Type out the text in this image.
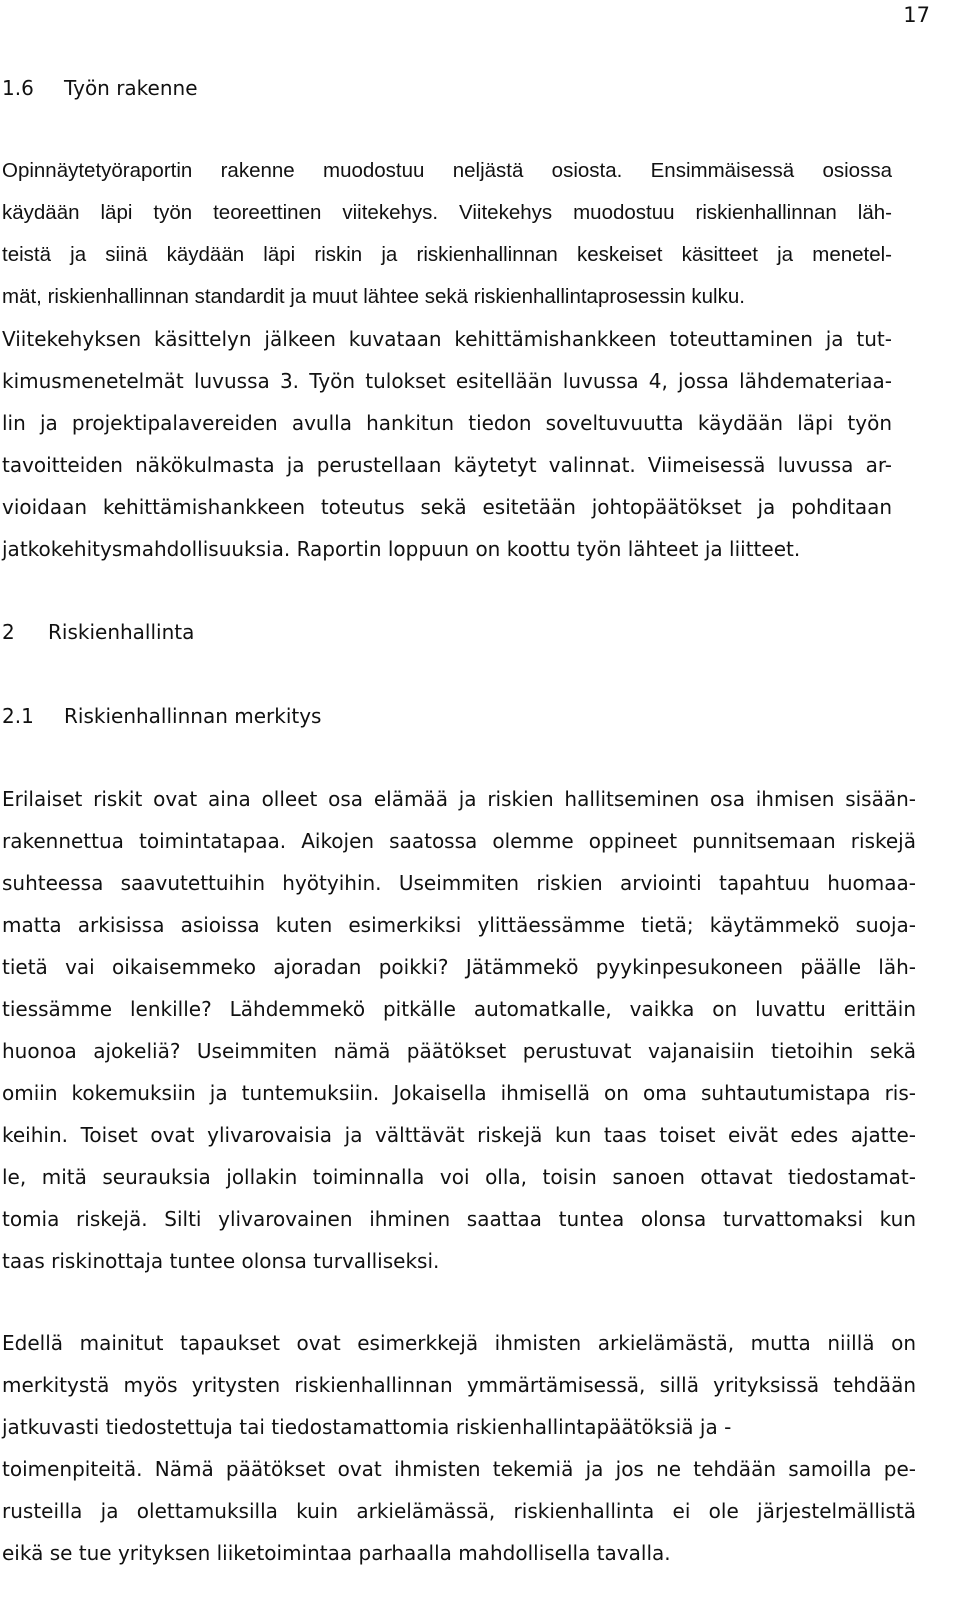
17
1.6 Työn rakenne
Opinnäytetyöraportin rakenne muodostuu neljästä osiosta. Ensimmäisessä osiossa
käydään läpi työn teoreettinen viitekehys. Viitekehys muodostuu riskienhallinnan läh-
teistä ja siinä käydään läpi riskin ja riskienhallinnan keskeiset käsitteet ja menetel-
mät, riskienhallinnan standardit ja muut lähtee sekä riskienhallintaprosessin kulku.
Viitekehyksen käsittelyn jälkeen kuvataan kehittämishankkeen toteuttaminen ja tut-
kimusmenetelmät luvussa 3. Työn tulokset esitellään luvussa 4, jossa lähdemateriaa-
lin ja projektipalavereiden avulla hankitun tiedon soveltuvuutta käydään läpi työn
tavoitteiden näkökulmasta ja perustellaan käytetyt valinnat. Viimeisessä luvussa ar-
vioidaan kehittämishankkeen toteutus sekä esitetään johtopäätökset ja pohditaan
jatkokehitysmahdollisuuksia. Raportin loppuun on koottu työn lähteet ja liitteet.
2 Riskienhallinta
2.1 Riskienhallinnan merkitys
Erilaiset riskit ovat aina olleet osa elämää ja riskien hallitseminen osa ihmisen sisään-
rakennettua toimintatapaa. Aikojen saatossa olemme oppineet punnitsemaan riskejä
suhteessa saavutettuihin hyötyihin. Useimmiten riskien arviointi tapahtuu huomaa-
matta arkisissa asioissa kuten esimerkiksi ylittäessämme tietä; käytämmekö suoja-
tietä vai oikaisemmeko ajoradan poikki? Jätämmekö pyykinpesukoneen päälle läh-
tiessämme lenkille? Lähdemmekö pitkälle automatkalle, vaikka on luvattu erittäin
huonoa ajokeliä? Useimmiten nämä päätökset perustuvat vajanaisiin tietoihin sekä
omiin kokemuksiin ja tuntemuksiin. Jokaisella ihmisellä on oma suhtautumistapa ris-
keihin. Toiset ovat ylivarovaisia ja välttävät riskejä kun taas toiset eivät edes ajatte-
le, mitä seurauksia jollakin toiminnalla voi olla, toisin sanoen ottavat tiedostamat-
tomia riskejä. Silti ylivarovainen ihminen saattaa tuntea olonsa turvattomaksi kun
taas riskinottaja tuntee olonsa turvalliseksi.
Edellä mainitut tapaukset ovat esimerkkejä ihmisten arkielämästä, mutta niillä on
merkitystä myös yritysten riskienhallinnan ymmärtämisessä, sillä yrityksissä tehdään
jatkuvasti tiedostettuja tai tiedostamattomia riskienhallintapäätöksiä ja -
toimenpiteitä. Nämä päätökset ovat ihmisten tekemiä ja jos ne tehdään samoilla pe-
rusteilla ja olettamuksilla kuin arkielämässä, riskienhallinta ei ole järjestelmällistä
eikä se tue yrityksen liiketoimintaa parhaalla mahdollisella tavalla.
